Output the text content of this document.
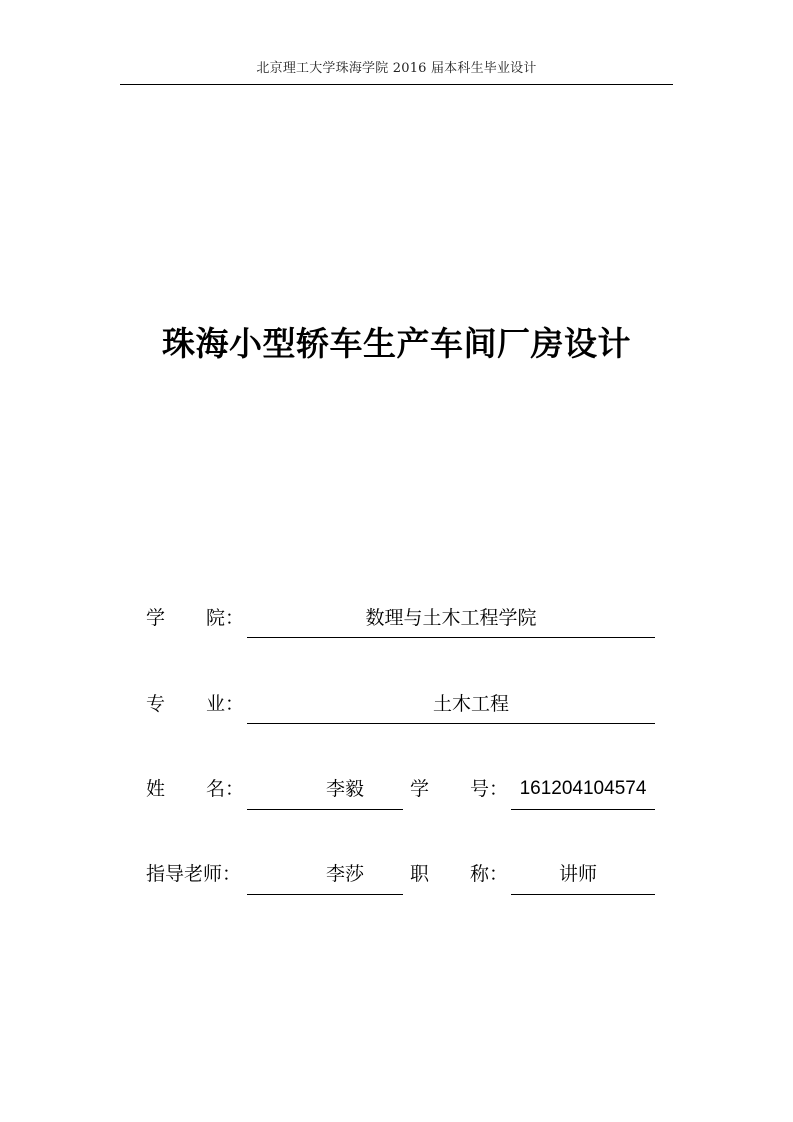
北京理工大学珠海学院 2016 届本科生毕业设计
珠海小型轿车生产车间厂房设计
学 院：	数理与土木工程学院
专 业：	土木工程
姓 名：	李毅	学 号： 161204104574
指导老师：	李莎	职 称：	讲师
